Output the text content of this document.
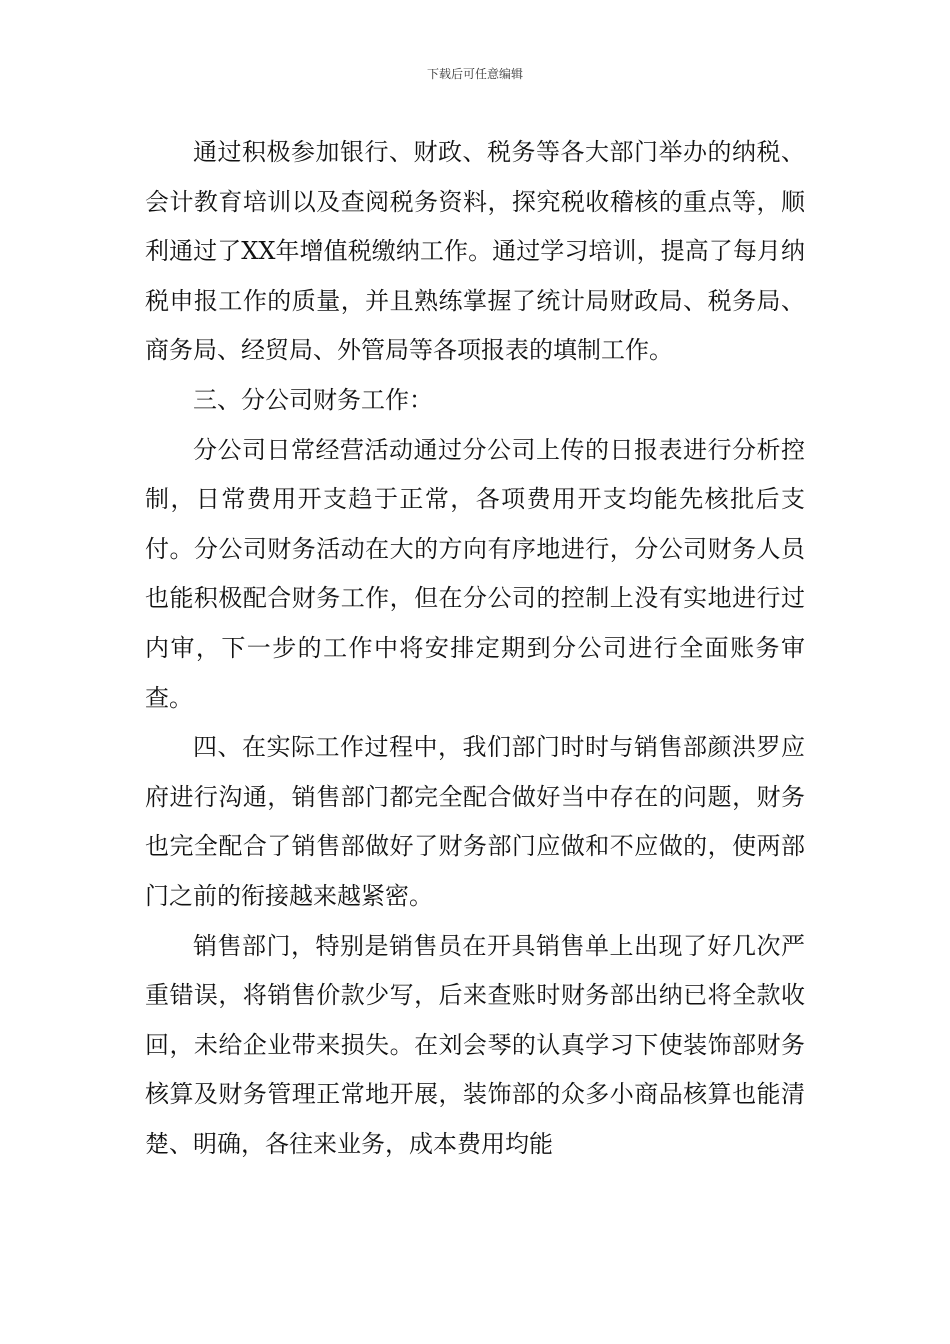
下载后可任意编辑

通过积极参加银行、财政、税务等各大部门举办的纳税、会计教育培训以及查阅税务资料，探究税收稽核的重点等，顺利通过了XX年增值税缴纳工作。通过学习培训，提高了每月纳税申报工作的质量，并且熟练掌握了统计局财政局、税务局、商务局、经贸局、外管局等各项报表的填制工作。

三、分公司财务工作：

分公司日常经营活动通过分公司上传的日报表进行分析控制，日常费用开支趋于正常，各项费用开支均能先核批后支付。分公司财务活动在大的方向有序地进行，分公司财务人员也能积极配合财务工作，但在分公司的控制上没有实地进行过内审，下一步的工作中将安排定期到分公司进行全面账务审查。

四、在实际工作过程中，我们部门时时与销售部颜洪罗应府进行沟通，销售部门都完全配合做好当中存在的问题，财务也完全配合了销售部做好了财务部门应做和不应做的，使两部门之前的衔接越来越紧密。

销售部门，特别是销售员在开具销售单上出现了好几次严重错误，将销售价款少写，后来查账时财务部出纳已将全款收回，未给企业带来损失。在刘会琴的认真学习下使装饰部财务核算及财务管理正常地开展，装饰部的众多小商品核算也能清楚、明确，各往来业务，成本费用均能
